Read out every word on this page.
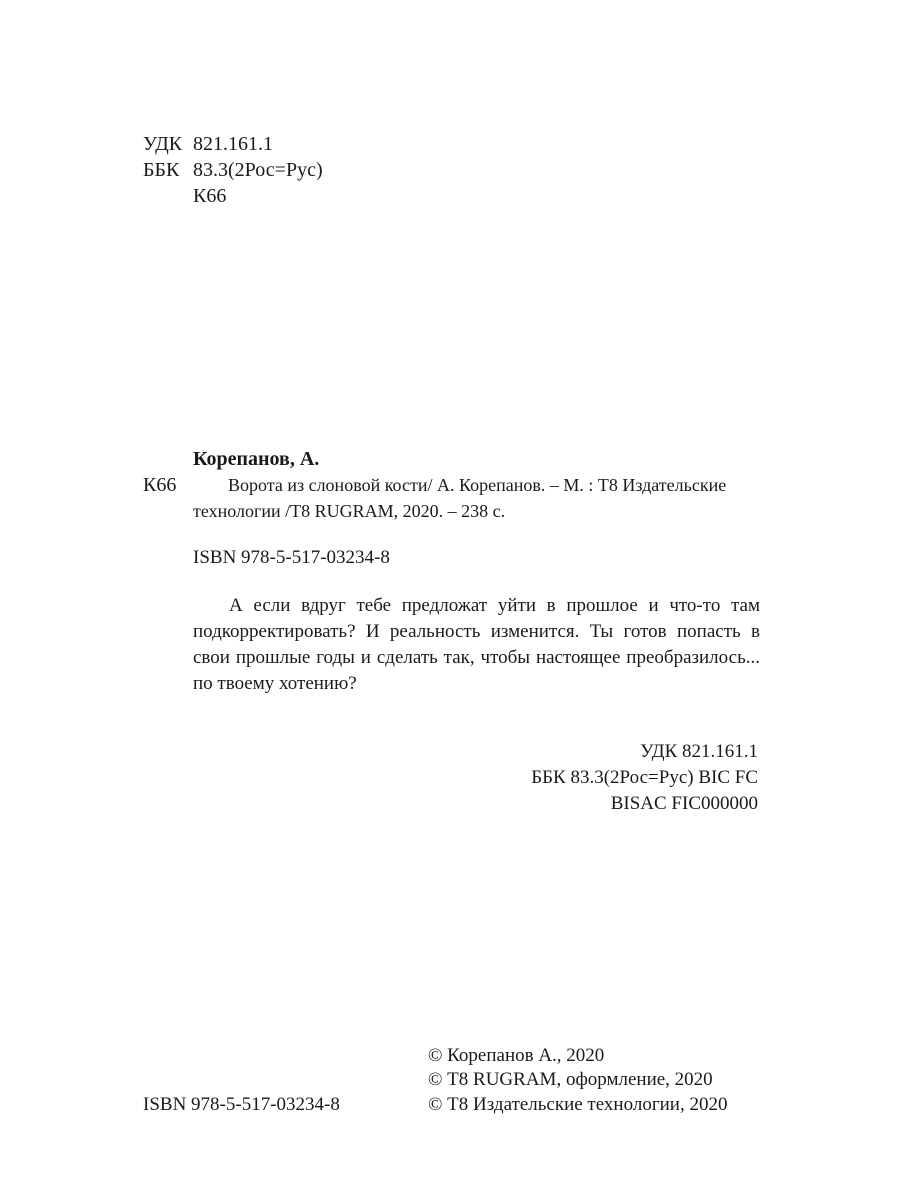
УДК 821.161.1
ББК 83.3(2Рос=Рус)
К66
Корепанов, А.
К66	Ворота из слоновой кости/ А. Корепанов. – М. : Т8 Издательские
технологии /Т8 RUGRAM, 2020. – 238 с.
ISBN 978-5-517-03234-8

А если вдруг тебе предложат уйти в прошлое и что-то там подкорректировать? И реальность изменится. Ты готов попасть в свои прошлые годы и сделать так, чтобы настоящее преобразилось... по твоему хотению?

УДК 821.161.1
ББК 83.3(2Рос=Рус) BIC FC
BISAC FIC000000
ISBN 978-5-517-03234-8
© Корепанов А., 2020
© Т8 RUGRAM, оформление, 2020
© Т8 Издательские технологии, 2020
